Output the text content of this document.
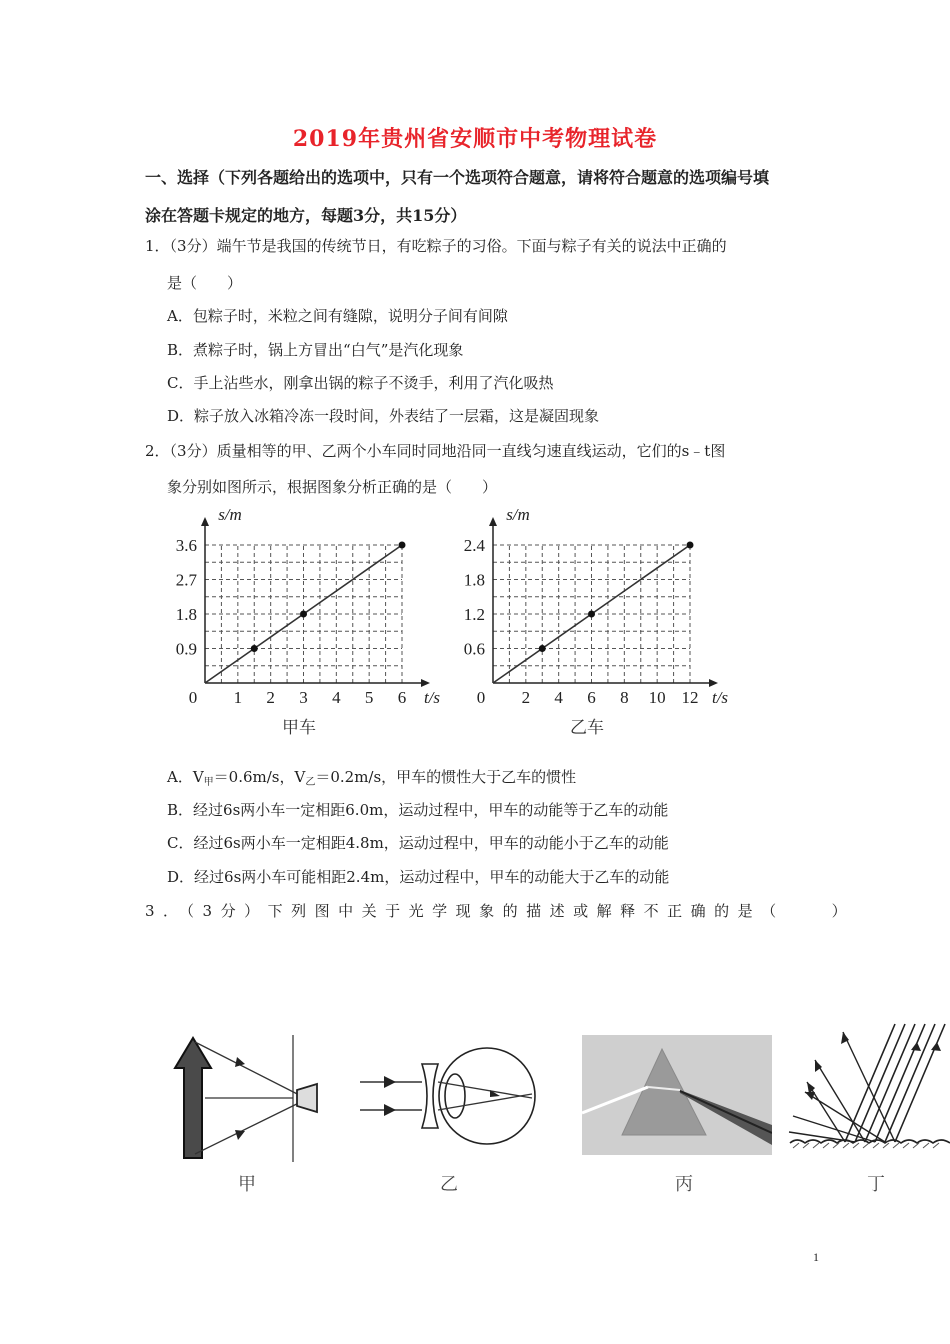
2019年贵州省安顺市中考物理试卷
一、选择（下列各题给出的选项中，只有一个选项符合题意，请将符合题意的选项编号填
涂在答题卡规定的地方，每题3分，共15分）
1．（3分）端午节是我国的传统节日，有吃粽子的习俗。下面与粽子有关的说法中正确的
是（　　）
A．包粽子时，米粒之间有缝隙，说明分子间有间隙
B．煮粽子时，锅上方冒出“白气”是汽化现象
C．手上沾些水，刚拿出锅的粽子不烫手，利用了汽化吸热
D．粽子放入冰箱冷冻一段时间，外表结了一层霜，这是凝固现象
2．（3分）质量相等的甲、乙两个小车同时同地沿同一直线匀速直线运动，它们的s﹣t图
象分别如图所示，根据图象分析正确的是（　　）
0 1 2 3 4 5 6
0.9
1.8
2.7
3.6
t/s
s/m
0 2 4 6 8 10 12
0.6
1.2
1.8
2.4
t/s
s/m
甲车	乙车
A．$V_甲=0.6m/s$，$V_乙=0.2m/s$，甲车的惯性大于乙车的惯性
B．经过6s两小车一定相距6.0m，运动过程中，甲车的动能等于乙车的动能
C．经过6s两小车一定相距4.8m，运动过程中，甲车的动能小于乙车的动能
D．经过6s两小车可能相距2.4m，运动过程中，甲车的动能大于乙车的动能
3．（3分）下列图中关于光学现象的描述或解释不正确的是（　　）
甲	乙	丙	丁
1
